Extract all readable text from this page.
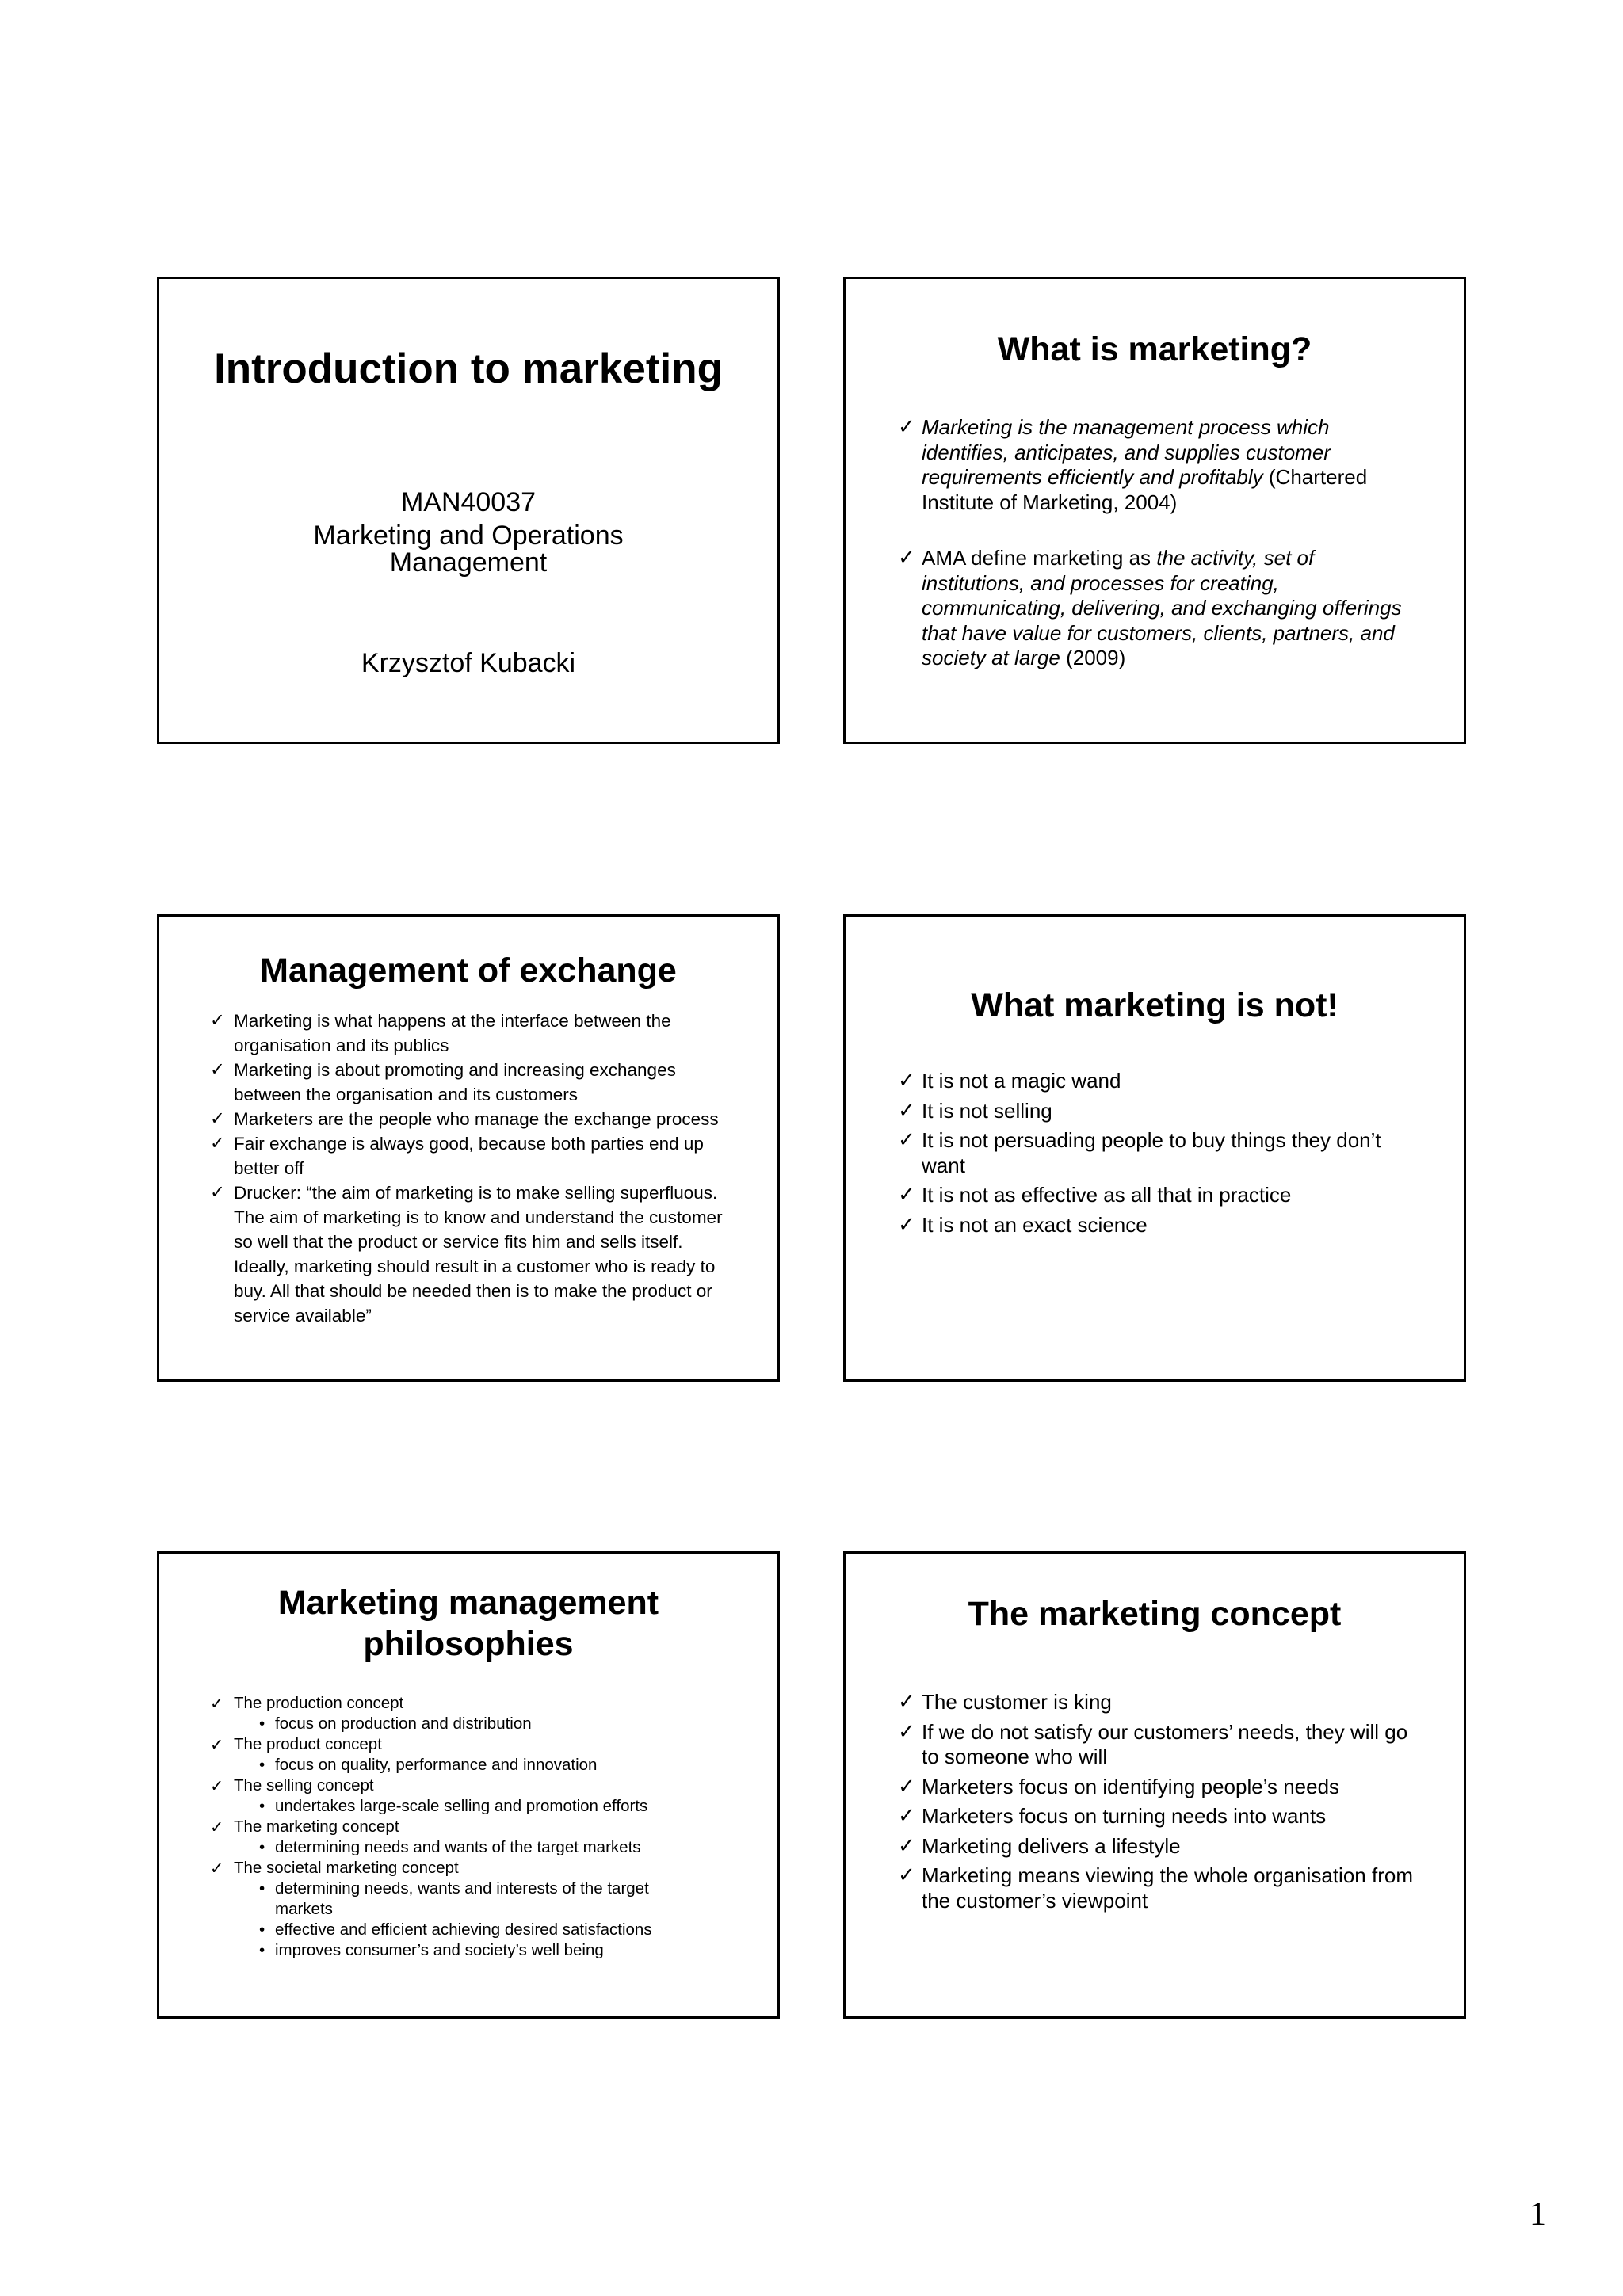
Introduction to marketing

MAN40037

Marketing and Operations

Management

Krzysztof Kubacki

What is marketing?
✓ Marketing is the management process which identifies, anticipates, and supplies customer requirements efficiently and profitably (Chartered Institute of Marketing, 2004)
✓ AMA define marketing as the activity, set of institutions, and processes for creating, communicating, delivering, and exchanging offerings that have value for customers, clients, partners, and society at large (2009)
Management of exchange
✓ Marketing is what happens at the interface between the organisation and its publics
✓ Marketing is about promoting and increasing exchanges between the organisation and its customers
✓ Marketers are the people who manage the exchange process
✓ Fair exchange is always good, because both parties end up better off
✓ Drucker: “the aim of marketing is to make selling superfluous. The aim of marketing is to know and understand the customer so well that the product or service fits him and sells itself. Ideally, marketing should result in a customer who is ready to buy. All that should be needed then is to make the product or service available”
What marketing is not!
✓ It is not a magic wand
✓ It is not selling
✓ It is not persuading people to buy things they don’t want
✓ It is not as effective as all that in practice
✓ It is not an exact science
Marketing management
philosophies
✓ The production concept
• focus on production and distribution
✓ The product concept
• focus on quality, performance and innovation
✓ The selling concept
• undertakes large-scale selling and promotion efforts
✓ The marketing concept
• determining needs and wants of the target markets
✓ The societal marketing concept
• determining needs, wants and interests of the target markets
• effective and efficient achieving desired satisfactions
• improves consumer’s and society’s well being
The marketing concept
✓ The customer is king
✓ If we do not satisfy our customers’ needs, they will go to someone who will
✓ Marketers focus on identifying people’s needs
✓ Marketers focus on turning needs into wants
✓ Marketing delivers a lifestyle
✓ Marketing means viewing the whole organisation from the customer’s viewpoint
1
